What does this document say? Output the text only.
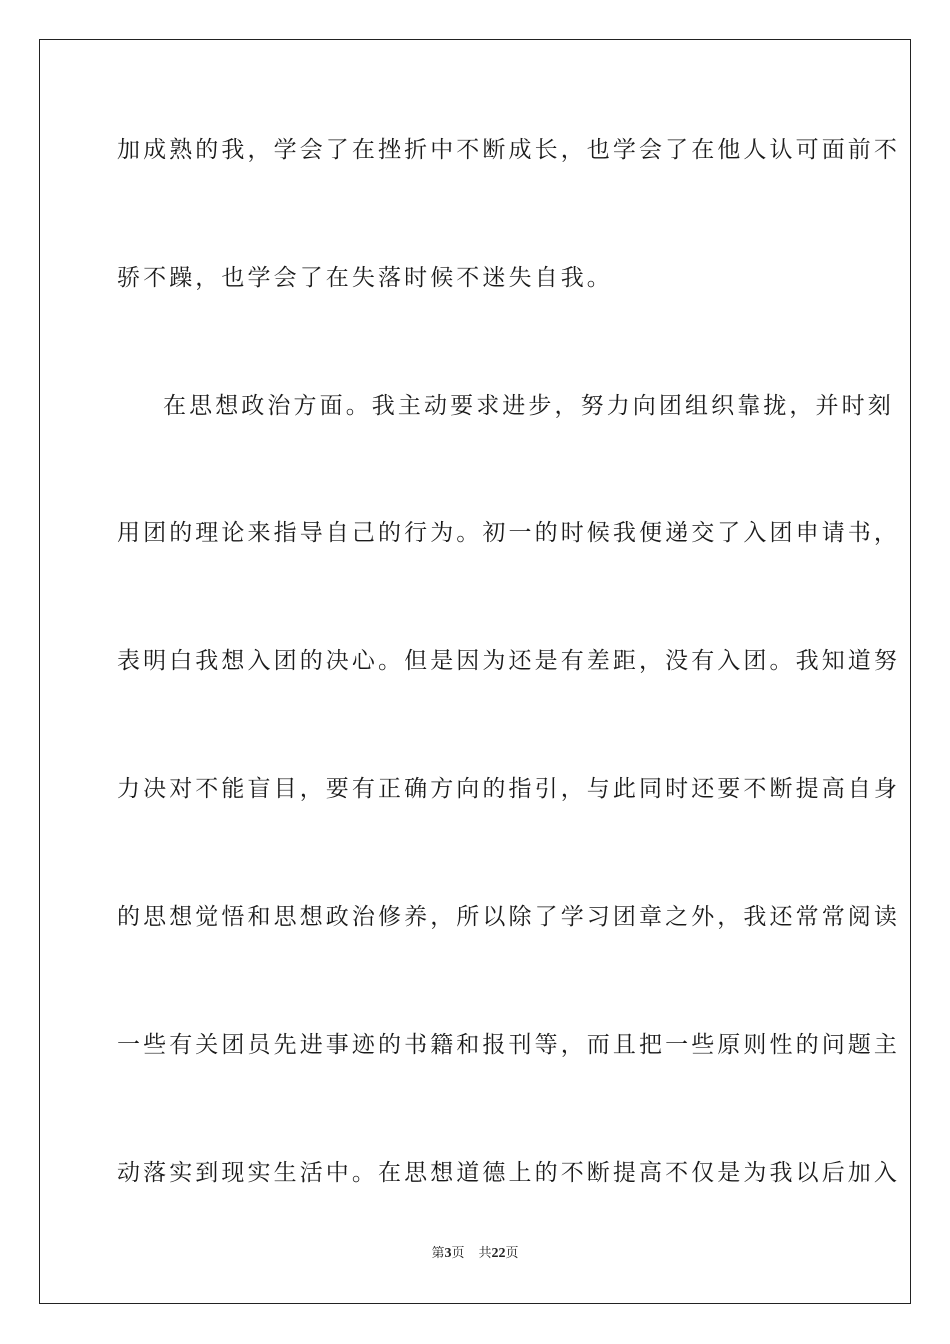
加成熟的我，学会了在挫折中不断成长，也学会了在他人认可面前不
骄不躁，也学会了在失落时候不迷失自我。
在思想政治方面。我主动要求进步，努力向团组织靠拢，并时刻
用团的理论来指导自己的行为。初一的时候我便递交了入团申请书，
表明白我想入团的决心。但是因为还是有差距，没有入团。我知道努
力决对不能盲目，要有正确方向的指引，与此同时还要不断提高自身
的思想觉悟和思想政治修养，所以除了学习团章之外，我还常常阅读
一些有关团员先进事迹的书籍和报刊等，而且把一些原则性的问题主
动落实到现实生活中。在思想道德上的不断提高不仅是为我以后加入
第3页 共22页
